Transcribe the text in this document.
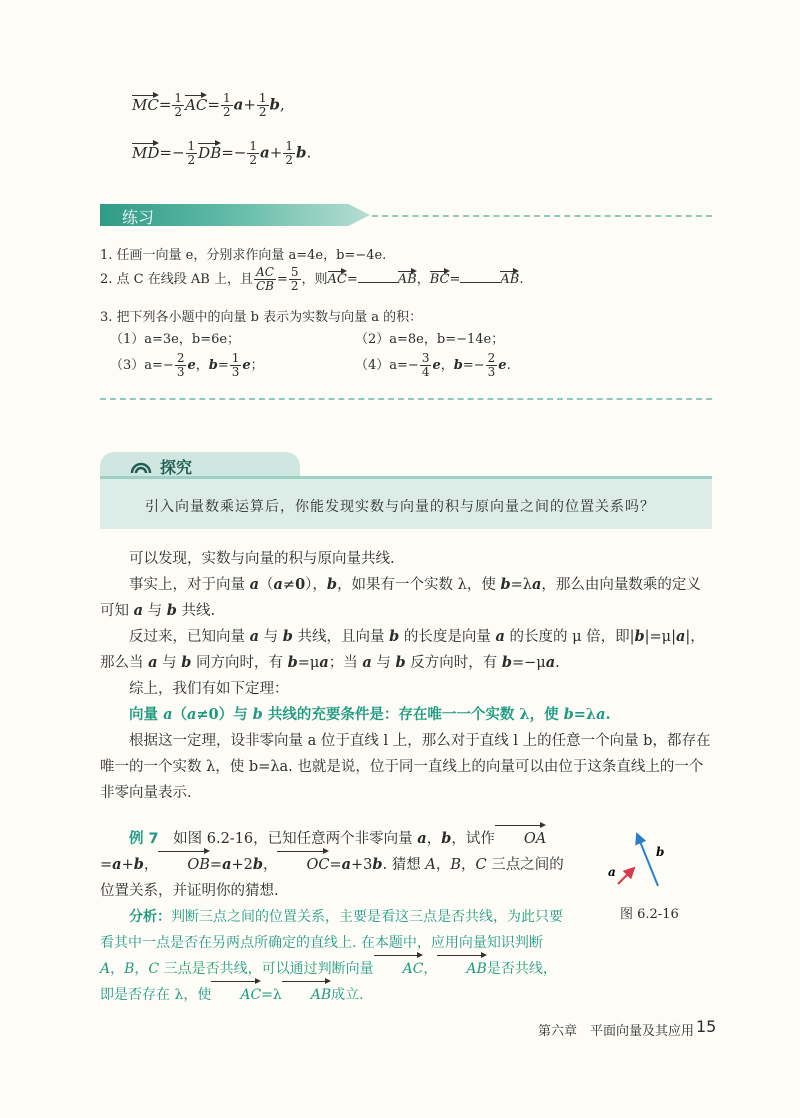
$MC= \frac{1}{2} AC= \frac{1}{2} a+ \frac{1}{2} b$,
$MD=- \frac{1}{2} DB=- \frac{1}{2} a+ \frac{1}{2} b$.
练习
1. 任画一向量 e，分别求作向量 a=4e，b=−4e.
2. 点 C 在线段 AB 上，且 $\frac{AC}{CB} = \frac{5}{2}$ ，则AC=	AB，BC=	AB.
3. 把下列各小题中的向量 b 表示为实数与向量 a 的积：
（1）a=3e，b=6e；	（2）a=8e，b=−14e；
$(3)a=- \frac{2}{3}$ e，$b= \frac{1}{3}$ e；	$(4)a=- \frac{3}{4}$ e，$b=- \frac{2}{3} e$.
探究
引入向量数乘运算后，你能发现实数与向量的积与原向量之间的位置关系吗？
可以发现，实数与向量的积与原向量共线.
事实上，对于向量 a（a≠0），b，如果有一个实数 λ，使 b=λa，那么由向量数乘的定义可知 a 与 b 共线.
反过来，已知向量 a 与 b 共线，且向量 b 的长度是向量 a 的长度的 μ 倍，即|b|=μ|a|，那么当 a 与 b 同方向时，有 b=μa；当 a 与 b 反方向时，有 b=−μa.
综上，我们有如下定理：
向量 a（a≠0）与 b 共线的充要条件是：存在唯一一个实数 λ，使 b=λa.
根据这一定理，设非零向量 a 位于直线 l 上，那么对于直线 l 上的任意一个向量 b，都存在唯一的一个实数 λ，使 b=λa. 也就是说，位于同一直线上的向量可以由位于这条直线上的一个非零向量表示.
例 7　如图 6.2-16，已知任意两个非零向量 a，b，试作 OA=a+b， OB=a+2b， OC=a+3b. 猜想 A，B，C 三点之间的位置关系，并证明你的猜想.
分析：判断三点之间的位置关系，主要是看这三点是否共线，为此只要看其中一点是否在另两点所确定的直线上. 在本题中，应用向量知识判断 A，B，C 三点是否共线，可以通过判断向量 AC， AB是否共线，即是否存在 λ，使 AC=λ AB成立.
a
b
图 6.2-16
第六章　平面向量及其应用 15
